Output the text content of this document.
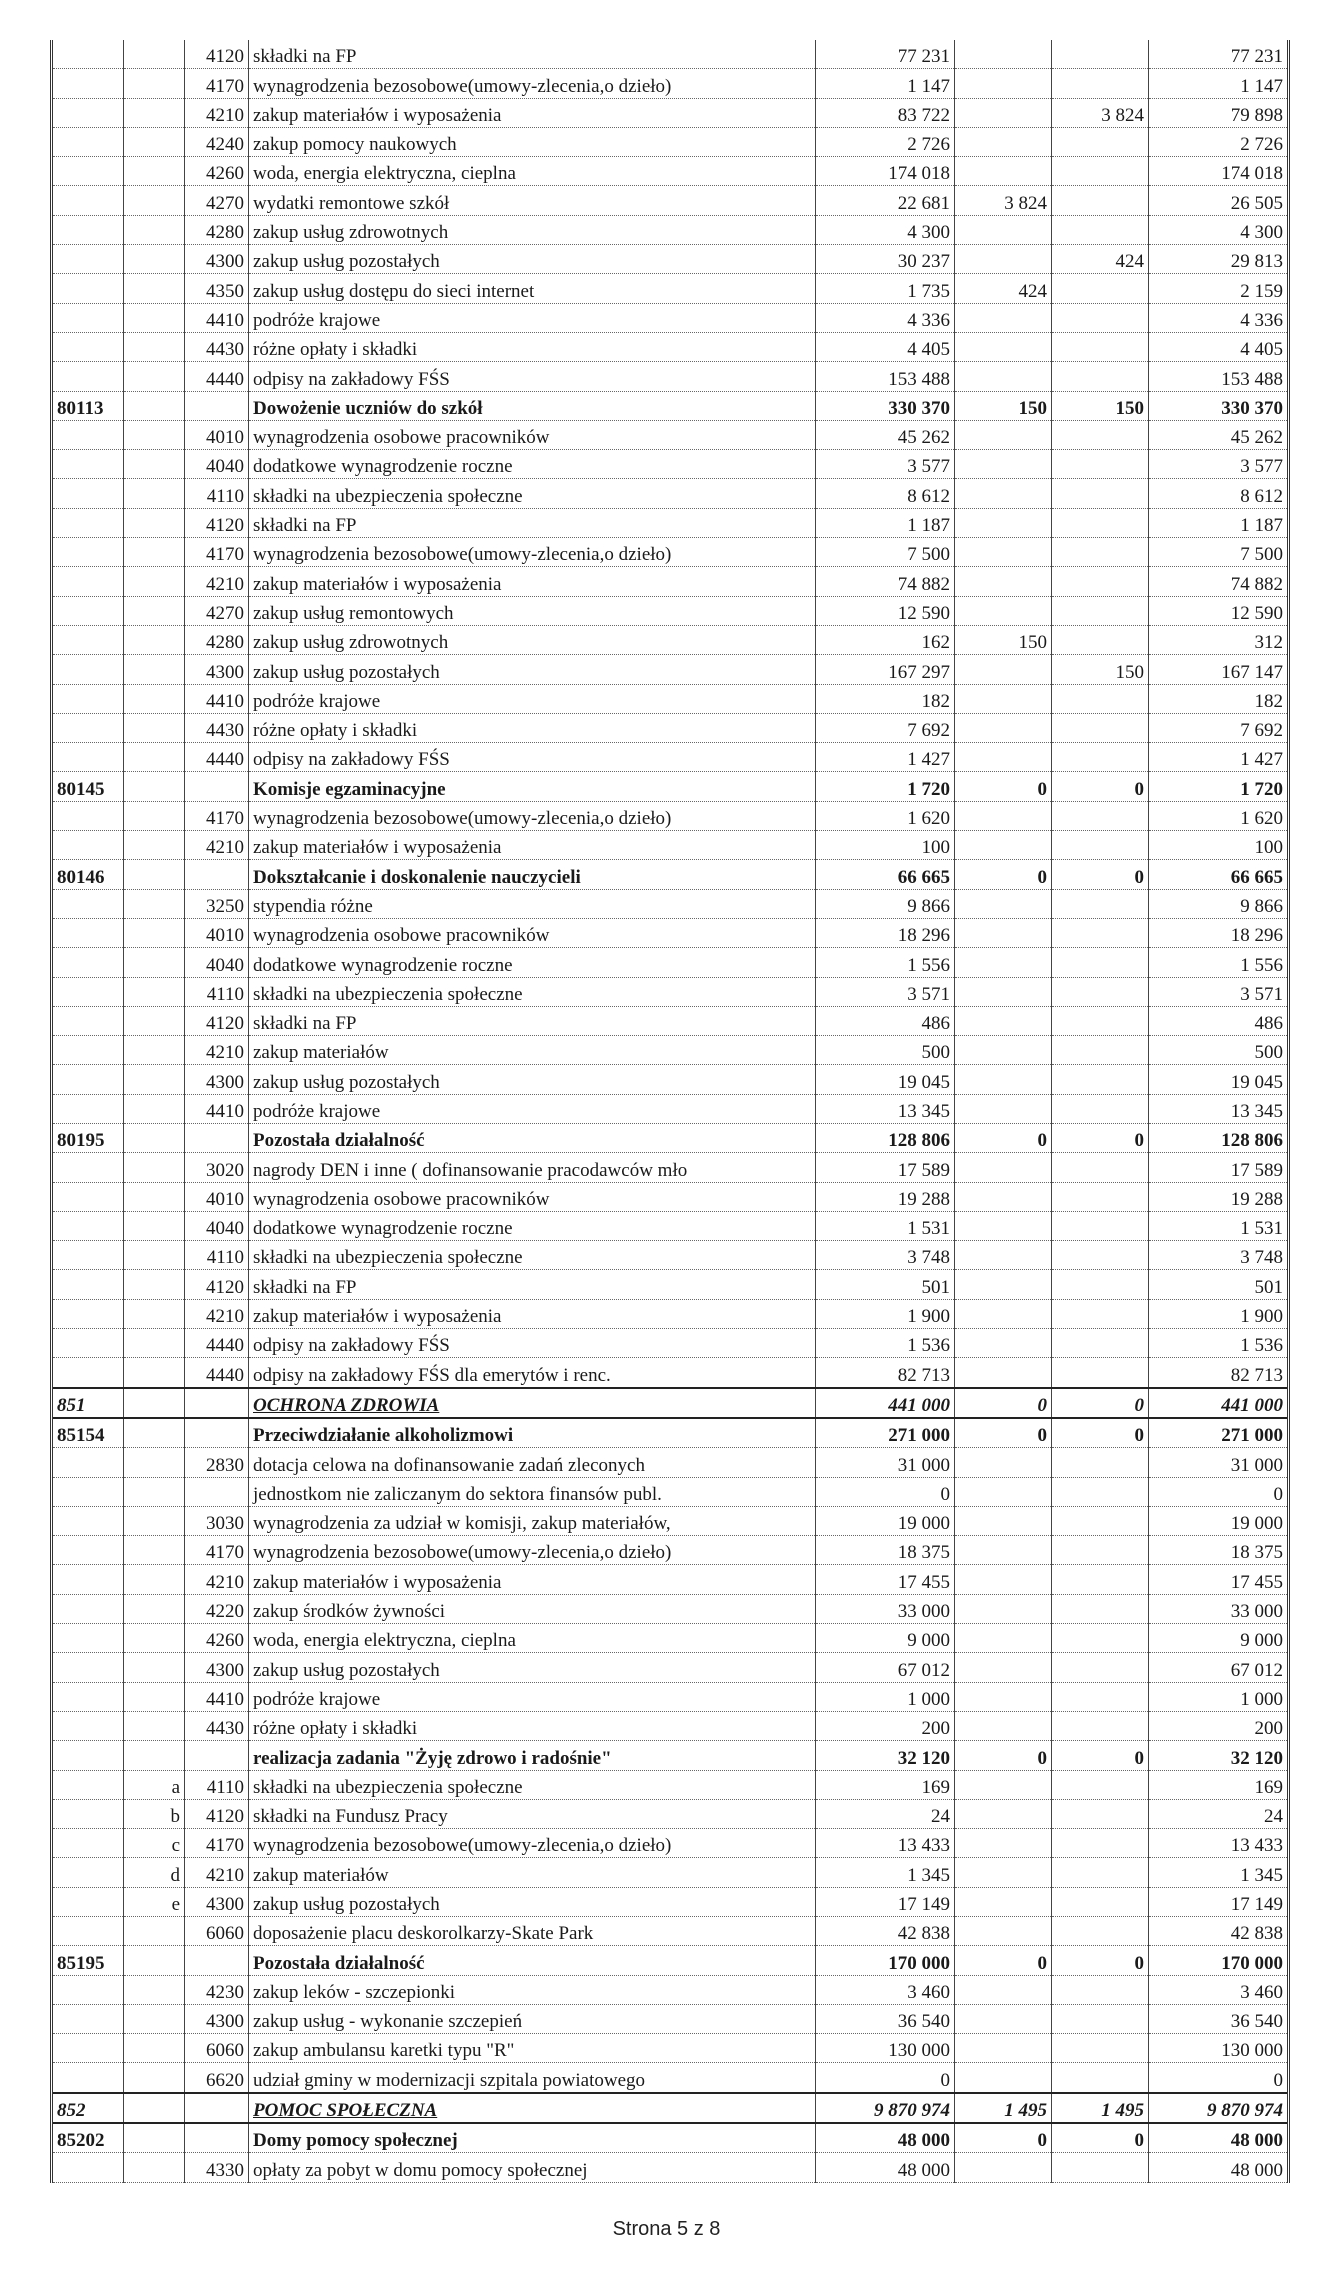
		4120	składki na FP	77 231			77 231
		4170	wynagrodzenia bezosobowe(umowy-zlecenia,o dzieło)	1 147			1 147
		4210	zakup materiałów i wyposażenia	83 722		3 824	79 898
		4240	zakup pomocy naukowych	2 726			2 726
		4260	woda, energia elektryczna, cieplna	174 018			174 018
		4270	wydatki remontowe szkół	22 681	3 824		26 505
		4280	zakup usług zdrowotnych	4 300			4 300
		4300	zakup usług pozostałych	30 237		424	29 813
		4350	zakup usług dostępu do sieci internet	1 735	424		2 159
		4410	podróże krajowe	4 336			4 336
		4430	różne opłaty i składki	4 405			4 405
		4440	odpisy na zakładowy FŚS	153 488			153 488
80113			Dowożenie uczniów do szkół	330 370	150	150	330 370
		4010	wynagrodzenia osobowe pracowników	45 262			45 262
		4040	dodatkowe wynagrodzenie roczne	3 577			3 577
		4110	składki na ubezpieczenia społeczne	8 612			8 612
		4120	składki na FP	1 187			1 187
		4170	wynagrodzenia bezosobowe(umowy-zlecenia,o dzieło)	7 500			7 500
		4210	zakup materiałów i wyposażenia	74 882			74 882
		4270	zakup usług remontowych	12 590			12 590
		4280	zakup usług zdrowotnych	162	150		312
		4300	zakup usług pozostałych	167 297		150	167 147
		4410	podróże krajowe	182			182
		4430	różne opłaty i składki	7 692			7 692
		4440	odpisy na zakładowy FŚS	1 427			1 427
80145			Komisje egzaminacyjne	1 720	0	0	1 720
		4170	wynagrodzenia bezosobowe(umowy-zlecenia,o dzieło)	1 620			1 620
		4210	zakup materiałów i wyposażenia	100			100
80146			Dokształcanie i doskonalenie nauczycieli	66 665	0	0	66 665
		3250	stypendia różne	9 866			9 866
		4010	wynagrodzenia osobowe pracowników	18 296			18 296
		4040	dodatkowe wynagrodzenie roczne	1 556			1 556
		4110	składki na ubezpieczenia społeczne	3 571			3 571
		4120	składki na FP	486			486
		4210	zakup materiałów	500			500
		4300	zakup usług pozostałych	19 045			19 045
		4410	podróże krajowe	13 345			13 345
80195			Pozostała działalność	128 806	0	0	128 806
		3020	nagrody DEN i inne ( dofinansowanie pracodawców mło	17 589			17 589
		4010	wynagrodzenia osobowe pracowników	19 288			19 288
		4040	dodatkowe wynagrodzenie roczne	1 531			1 531
		4110	składki na ubezpieczenia społeczne	3 748			3 748
		4120	składki na FP	501			501
		4210	zakup materiałów i wyposażenia	1 900			1 900
		4440	odpisy na zakładowy FŚS	1 536			1 536
		4440	odpisy na zakładowy FŚS dla emerytów i renc.	82 713			82 713
851			OCHRONA ZDROWIA	441 000	0	0	441 000
85154			Przeciwdziałanie alkoholizmowi	271 000	0	0	271 000
		2830	dotacja celowa na dofinansowanie zadań zleconych	31 000			31 000
			jednostkom nie zaliczanym do sektora finansów publ.	0			0
		3030	wynagrodzenia za udział w komisji, zakup materiałów,	19 000			19 000
		4170	wynagrodzenia bezosobowe(umowy-zlecenia,o dzieło)	18 375			18 375
		4210	zakup materiałów i wyposażenia	17 455			17 455
		4220	zakup środków żywności	33 000			33 000
		4260	woda, energia elektryczna, cieplna	9 000			9 000
		4300	zakup usług pozostałych	67 012			67 012
		4410	podróże krajowe	1 000			1 000
		4430	różne opłaty i składki	200			200
			realizacja zadania "Żyję zdrowo i radośnie"	32 120	0	0	32 120
	a	4110	składki na ubezpieczenia społeczne	169			169
	b	4120	składki na Fundusz Pracy	24			24
	c	4170	wynagrodzenia bezosobowe(umowy-zlecenia,o dzieło)	13 433			13 433
	d	4210	zakup materiałów	1 345			1 345
	e	4300	zakup usług pozostałych	17 149			17 149
		6060	doposażenie placu deskorolkarzy-Skate Park	42 838			42 838
85195			Pozostała działalność	170 000	0	0	170 000
		4230	zakup leków - szczepionki	3 460			3 460
		4300	zakup usług - wykonanie szczepień	36 540			36 540
		6060	zakup ambulansu karetki typu "R"	130 000			130 000
		6620	udział gminy w modernizacji szpitala powiatowego	0			0
852			POMOC SPOŁECZNA	9 870 974	1 495	1 495	9 870 974
85202			Domy pomocy społecznej	48 000	0	0	48 000
		4330	opłaty za pobyt w domu pomocy społecznej	48 000			48 000
Strona 5 z 8
